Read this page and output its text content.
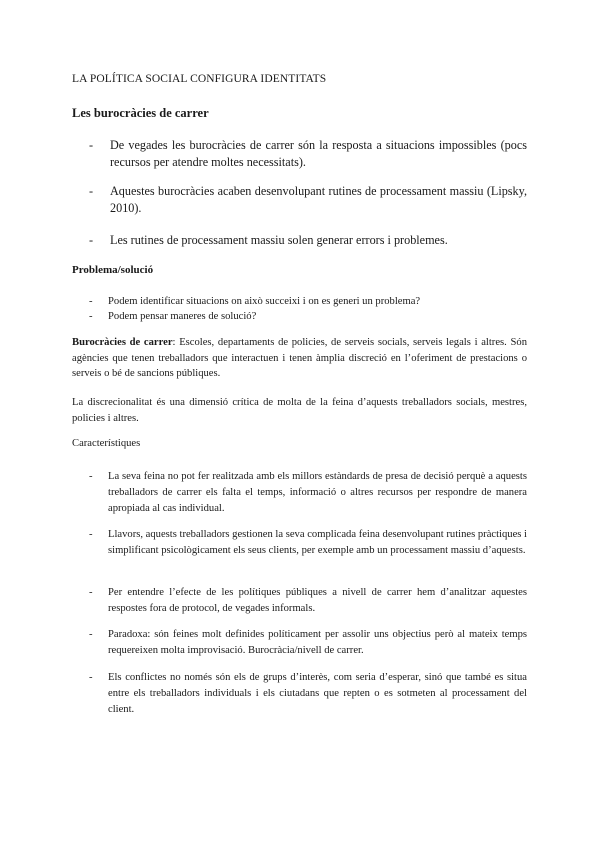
LA POLÍTICA SOCIAL CONFIGURA IDENTITATS

Les burocràcies de carrer

- De vegades les burocràcies de carrer són la resposta a situacions impossibles (pocs recursos per atendre moltes necessitats).
- Aquestes burocràcies acaben desenvolupant rutines de processament massiu (Lipsky, 2010).
- Les rutines de processament massiu solen generar errors i problemes.

Problema/solució

- Podem identificar situacions on això succeixi i on es generi un problema?
- Podem pensar maneres de solució?

Burocràcies de carrer: Escoles, departaments de policies, de serveis socials, serveis legals i altres. Són agències que tenen treballadors que interactuen i tenen àmplia discreció en l’oferiment de prestacions o serveis o bé de sancions públiques.

La discrecionalitat és una dimensió crítica de molta de la feina d’aquests treballadors socials, mestres, policies i altres.

Característiques

- La seva feina no pot fer realitzada amb els millors estàndards de presa de decisió perquè a aquests treballadors de carrer els falta el temps, informació o altres recursos per respondre de manera apropiada al cas individual.
- Llavors, aquests treballadors gestionen la seva complicada feina desenvolupant rutines pràctiques i simplificant psicològicament els seus clients, per exemple amb un processament massiu d’aquests.
- Per entendre l’efecte de les polítiques públiques a nivell de carrer hem d’analitzar aquestes respostes fora de protocol, de vegades informals.
- Paradoxa: són feines molt definides políticament per assolir uns objectius però al mateix temps requereixen molta improvisació. Burocràcia/nivell de carrer.
- Els conflictes no només són els de grups d’interès, com seria d’esperar, sinó que també es situa entre els treballadors individuals i els ciutadans que repten o es sotmeten al processament del client.
